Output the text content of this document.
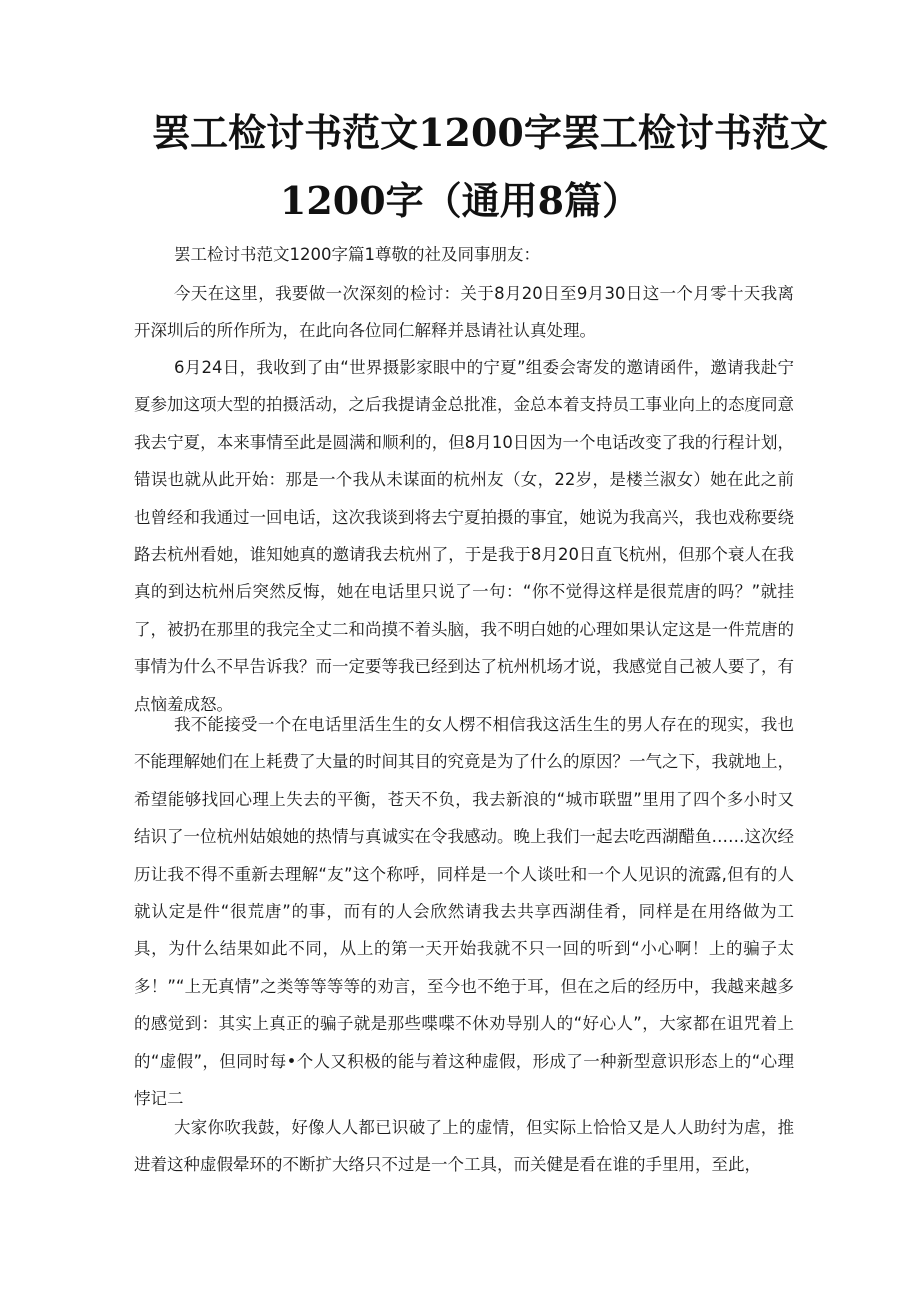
罢工检讨书范文1200字罢工检讨书范文
1200字（通用8篇）

罢工检讨书范文1200字篇1尊敬的社及同事朋友：

今天在这里，我要做一次深刻的检讨：关于8月20日至9月30日这一个月零十天我离开深圳后的所作所为，在此向各位同仁解释并恳请社认真处理。

6月24日，我收到了由“世界摄影家眼中的宁夏”组委会寄发的邀请函件，邀请我赴宁夏参加这项大型的拍摄活动，之后我提请金总批准，金总本着支持员工事业向上的态度同意我去宁夏，本来事情至此是圆满和顺利的，但8月10日因为一个电话改变了我的行程计划，错误也就从此开始：那是一个我从未谋面的杭州友（女，22岁，是楼兰淑女）她在此之前也曾经和我通过一回电话，这次我谈到将去宁夏拍摄的事宜，她说为我高兴，我也戏称要绕路去杭州看她，谁知她真的邀请我去杭州了，于是我于8月20日直飞杭州，但那个衰人在我真的到达杭州后突然反悔，她在电话里只说了一句：“你不觉得这样是很荒唐的吗？”就挂了，被扔在那里的我完全丈二和尚摸不着头脑，我不明白她的心理如果认定这是一件荒唐的事情为什么不早告诉我？而一定要等我已经到达了杭州机场才说，我感觉自己被人要了，有点恼羞成怒。

我不能接受一个在电话里活生生的女人楞不相信我这活生生的男人存在的现实，我也不能理解她们在上耗费了大量的时间其目的究竟是为了什么的原因？一气之下，我就地上，希望能够找回心理上失去的平衡，苍天不负，我去新浪的“城市联盟”里用了四个多小时又结识了一位杭州姑娘她的热情与真诚实在令我感动。晚上我们一起去吃西湖醋鱼……这次经历让我不得不重新去理解“友”这个称呼，同样是一个人谈吐和一个人见识的流露,但有的人就认定是件“很荒唐”的事，而有的人会欣然请我去共享西湖佳肴，同样是在用络做为工具，为什么结果如此不同，从上的第一天开始我就不只一回的听到“小心啊！上的骗子太多！”“上无真情”之类等等等等的劝言，至今也不绝于耳，但在之后的经历中，我越来越多的感觉到：其实上真正的骗子就是那些喋喋不休劝导别人的“好心人”，大家都在诅咒着上的“虚假”，但同时每•个人又积极的能与着这种虚假，形成了一种新型意识形态上的“心理悖记二

大家你吹我鼓，好像人人都已识破了上的虚情，但实际上恰恰又是人人助纣为虐，推进着这种虚假晕环的不断扩大络只不过是一个工具，而关健是看在谁的手里用，至此，
